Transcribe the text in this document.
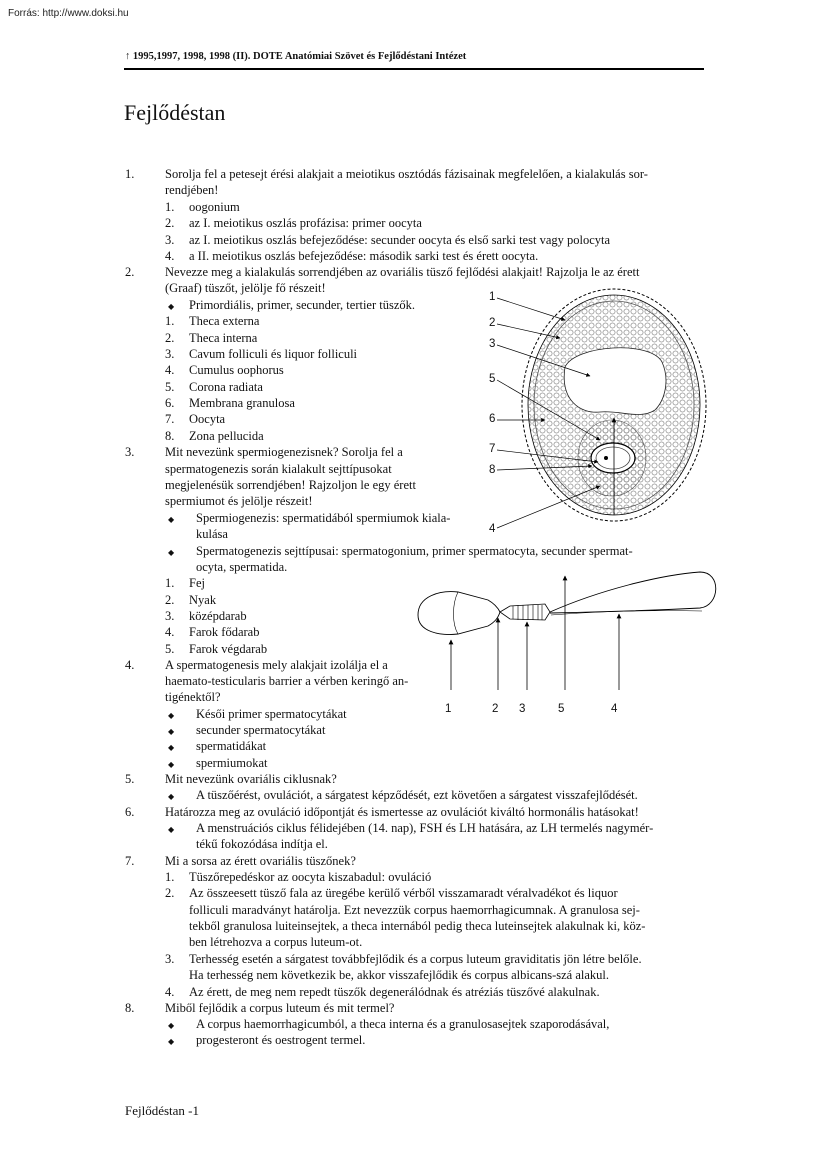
Forrás: http://www.doksi.hu
↑ 1995,1997, 1998, 1998 (II). DOTE Anatómiai Szövet és Fejlődéstani Intézet
Fejlődéstan
1. Sorolja fel a petesejt érési alakjait a meiotikus osztódás fázisainak megfelelően, a kialakulás sor-
rendjében!
1. oogonium
2. az I. meiotikus oszlás profázisa: primer oocyta
3. az I. meiotikus oszlás befejeződése: secunder oocyta és első sarki test vagy polocyta
4. a II. meiotikus oszlás befejeződése: második sarki test és érett oocyta.
2. Nevezze meg a kialakulás sorrendjében az ovariális tüsző fejlődési alakjait! Rajzolja le az érett
(Graaf) tüszőt, jelölje fő részeit!
◆ Primordiális, primer, secunder, tertier tüszők.
1. Theca externa
2. Theca interna
3. Cavum folliculi és liquor folliculi
4. Cumulus oophorus
5. Corona radiata
6. Membrana granulosa
7. Oocyta
8. Zona pellucida
3. Mit nevezünk spermiogenezisnek? Sorolja fel a
spermatogenezis során kialakult sejttípusokat
megjelenésük sorrendjében! Rajzoljon le egy érett
spermiumot és jelölje részeit!
◆ Spermiogenezis: spermatidából spermiumok kiala-
kulása
◆ Spermatogenezis sejttípusai: spermatogonium, primer spermatocyta, secunder spermat-
ocyta, spermatida.
1. Fej
2. Nyak
3. középdarab
4. Farok fődarab
5. Farok végdarab
4. A spermatogenesis mely alakjait izolálja el a
haemato-testicularis barrier a vérben keringő an-
tigénektől?
◆ Késői primer spermatocytákat
◆ secunder spermatocytákat
◆ spermatidákat
◆ spermiumokat
5. Mit nevezünk ovariális ciklusnak?
◆ A tüszőérést, ovulációt, a sárgatest képződését, ezt követően a sárgatest visszafejlődését.
6. Határozza meg az ovuláció időpontját és ismertesse az ovulációt kiváltó hormonális hatásokat!
◆ A menstruációs ciklus félidejében (14. nap), FSH és LH hatására, az LH termelés nagymér-
tékű fokozódása indítja el.
7. Mi a sorsa az érett ovariális tüszőnek?
1. Tüszőrepedéskor az oocyta kiszabadul: ovuláció
2. Az összeesett tüsző fala az üregébe kerülő vérből visszamaradt véralvadékot és liquor
folliculi maradványt határolja. Ezt nevezzük corpus haemorrhagicumnak. A granulosa sej-
tekből granulosa luiteinsejtek, a theca internából pedig theca luteinsejtek alakulnak ki, köz-
ben létrehozva a corpus luteum-ot.
3. Terhesség esetén a sárgatest továbbfejlődik és a corpus luteum graviditatis jön létre belőle.
Ha terhesség nem következik be, akkor visszafejlődik és corpus albicans-szá alakul.
4. Az érett, de meg nem repedt tüszők degenerálódnak és atréziás tüszővé alakulnak.
8. Miből fejlődik a corpus luteum és mit termel?
◆ A corpus haemorrhagicumból, a theca interna és a granulosasejtek szaporodásával,
◆ progesteront és oestrogent termel.
Fejlődéstan -1
1
2
3
5
6
7
8
4
1	2 3	5	4
